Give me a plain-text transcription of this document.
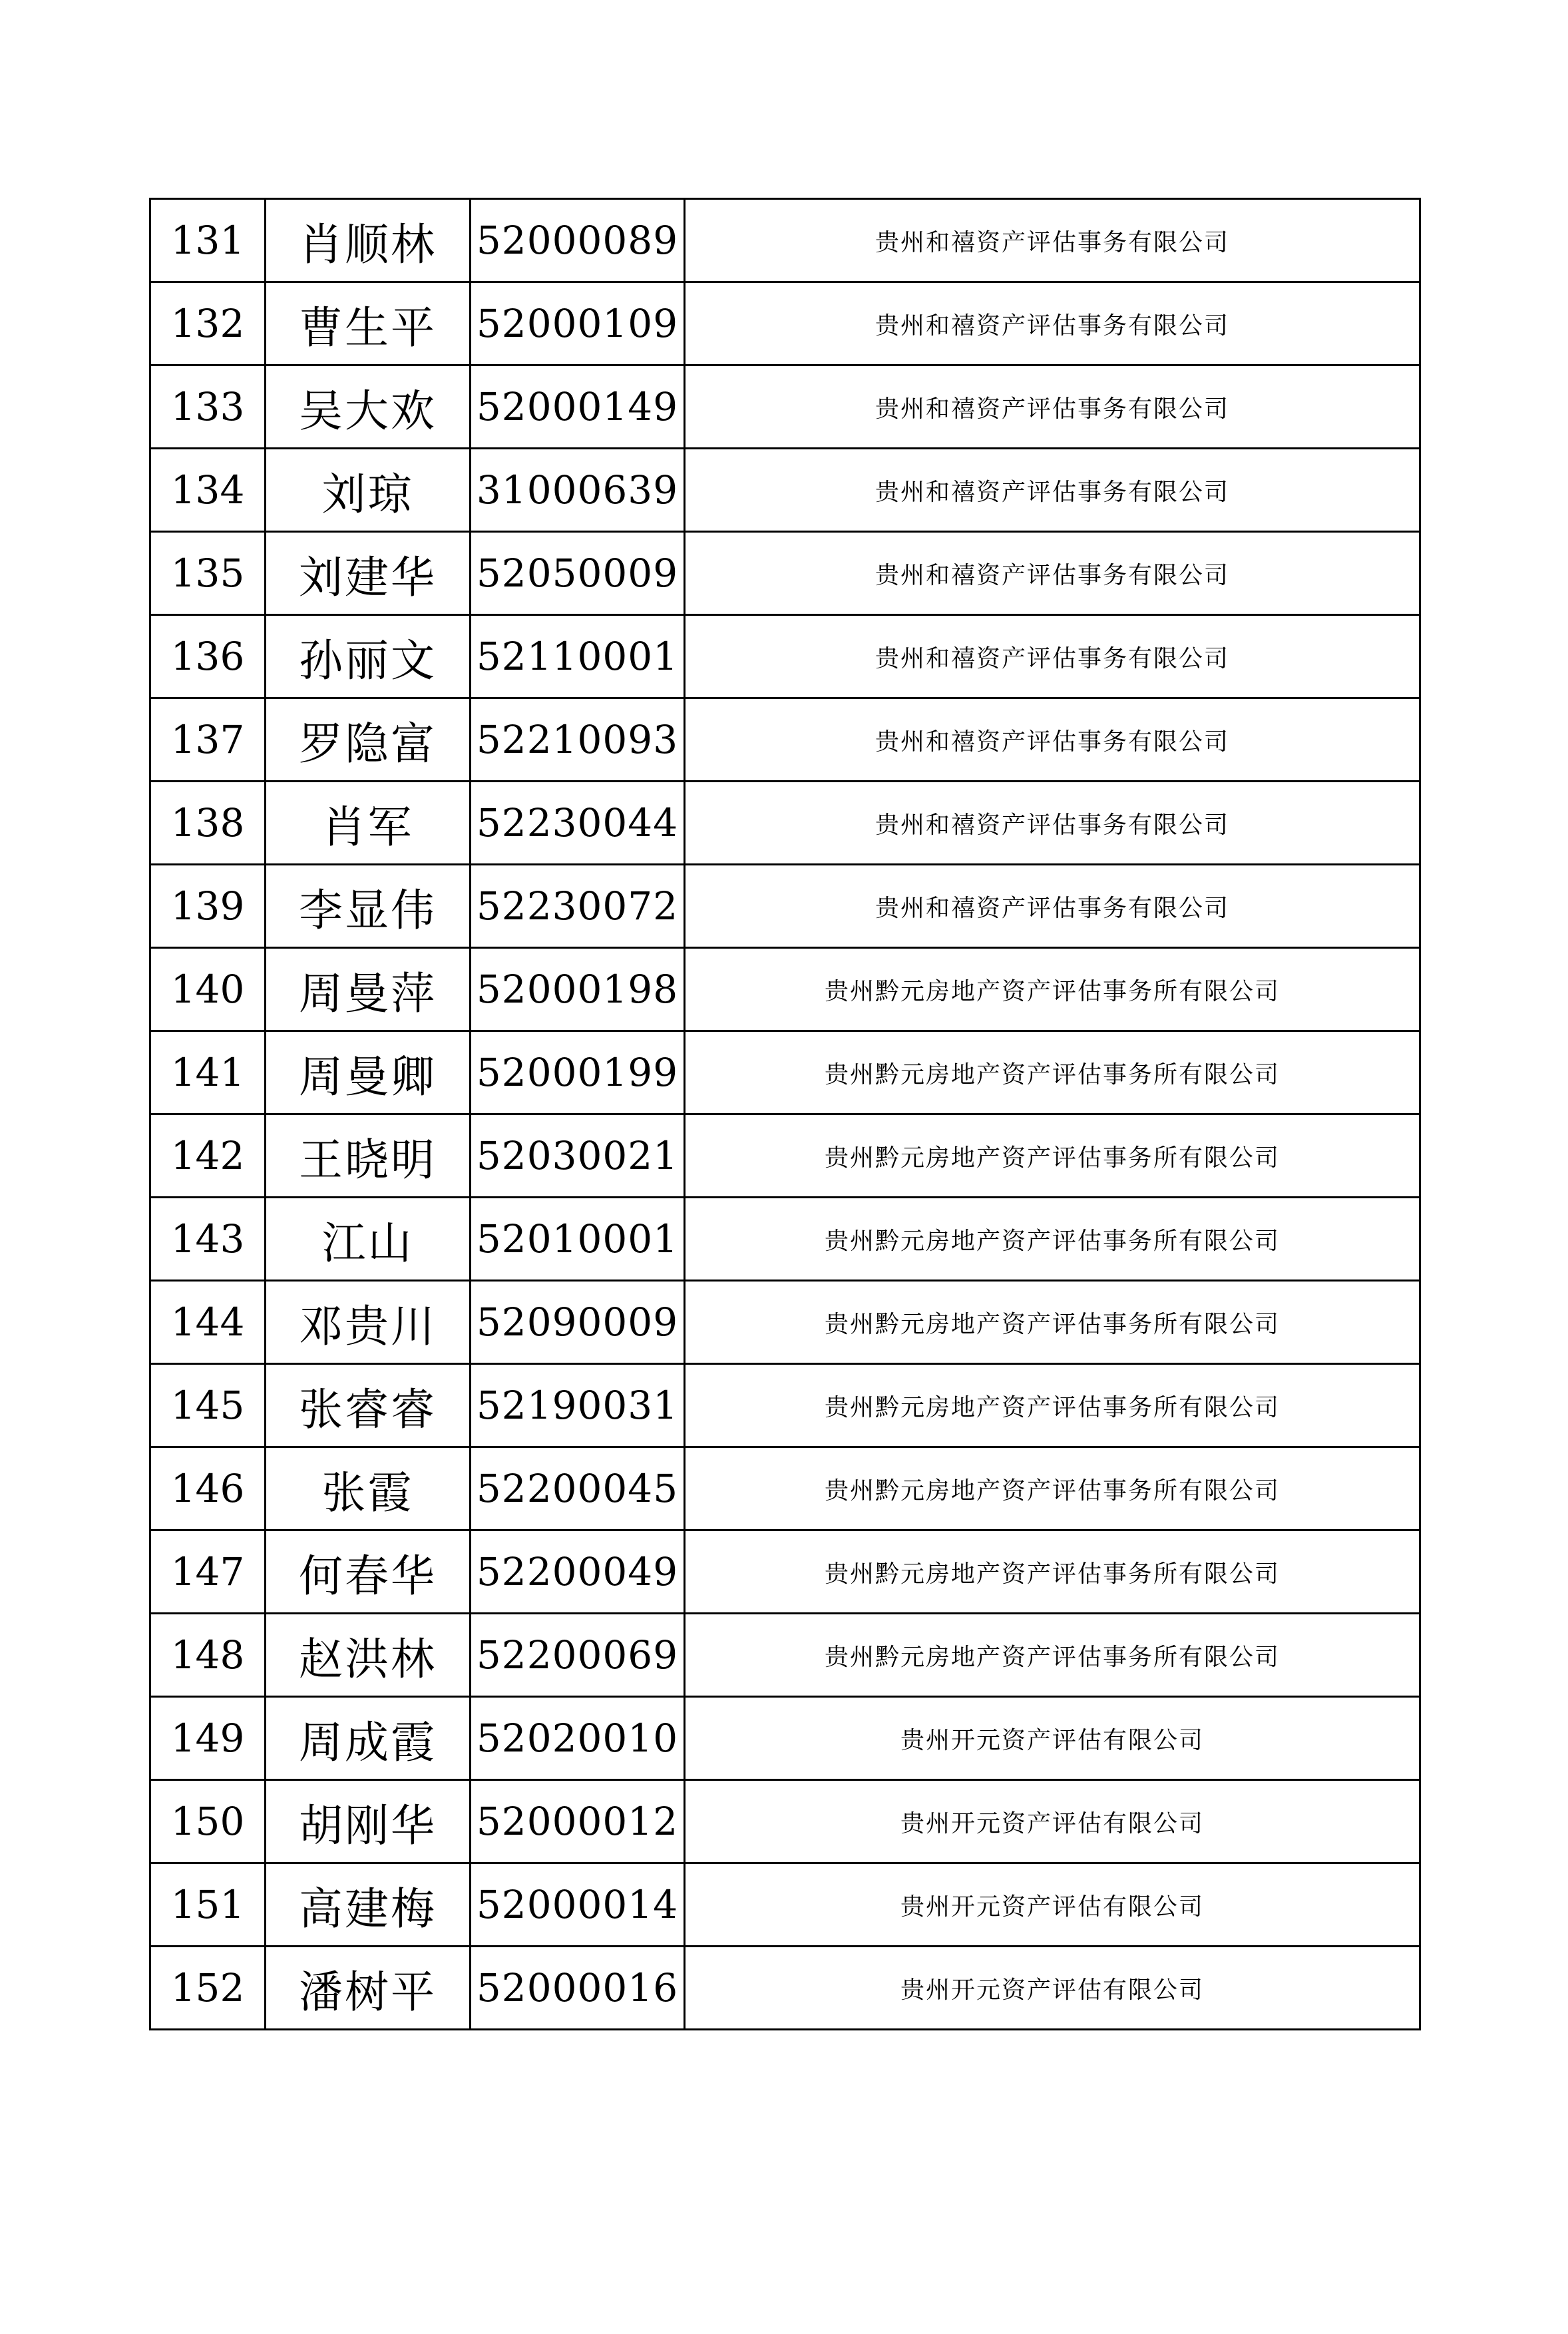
131	肖顺林	52000089	贵州和禧资产评估事务有限公司
132	曹生平	52000109	贵州和禧资产评估事务有限公司
133	吴大欢	52000149	贵州和禧资产评估事务有限公司
134	刘琼	31000639	贵州和禧资产评估事务有限公司
135	刘建华	52050009	贵州和禧资产评估事务有限公司
136	孙丽文	52110001	贵州和禧资产评估事务有限公司
137	罗隐富	52210093	贵州和禧资产评估事务有限公司
138	肖军	52230044	贵州和禧资产评估事务有限公司
139	李显伟	52230072	贵州和禧资产评估事务有限公司
140	周曼萍	52000198	贵州黔元房地产资产评估事务所有限公司
141	周曼卿	52000199	贵州黔元房地产资产评估事务所有限公司
142	王晓明	52030021	贵州黔元房地产资产评估事务所有限公司
143	江山	52010001	贵州黔元房地产资产评估事务所有限公司
144	邓贵川	52090009	贵州黔元房地产资产评估事务所有限公司
145	张睿睿	52190031	贵州黔元房地产资产评估事务所有限公司
146	张霞	52200045	贵州黔元房地产资产评估事务所有限公司
147	何春华	52200049	贵州黔元房地产资产评估事务所有限公司
148	赵洪林	52200069	贵州黔元房地产资产评估事务所有限公司
149	周成霞	52020010	贵州开元资产评估有限公司
150	胡刚华	52000012	贵州开元资产评估有限公司
151	高建梅	52000014	贵州开元资产评估有限公司
152	潘树平	52000016	贵州开元资产评估有限公司
